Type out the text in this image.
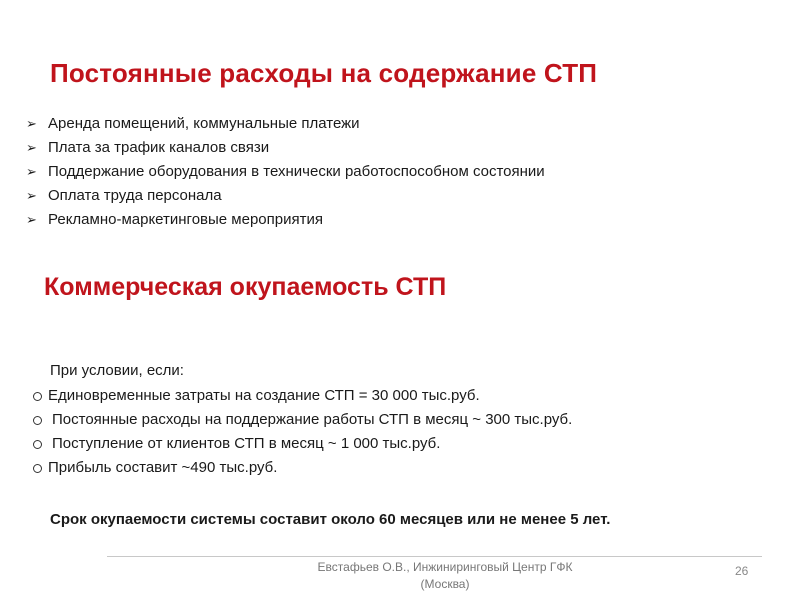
Постоянные расходы на содержание СТП
➢ Аренда помещений, коммунальные платежи
➢ Плата за трафик каналов связи
➢ Поддержание оборудования в технически работоспособном состоянии
➢ Оплата труда персонала
➢ Рекламно-маркетинговые мероприятия
Коммерческая окупаемость СТП

При условии, если:

Единовременные затраты на создание СТП = 30 000 тыс.руб.
Постоянные расходы на поддержание работы СТП в месяц ~ 300 тыс.руб.
Поступление от клиентов СТП в месяц ~ 1 000 тыс.руб.
Прибыль составит ~490 тыс.руб.

Срок окупаемости системы составит около 60 месяцев или не менее 5 лет.

Евстафьев О.В., Инжиниринговый Центр ГФК
(Москва)
26
